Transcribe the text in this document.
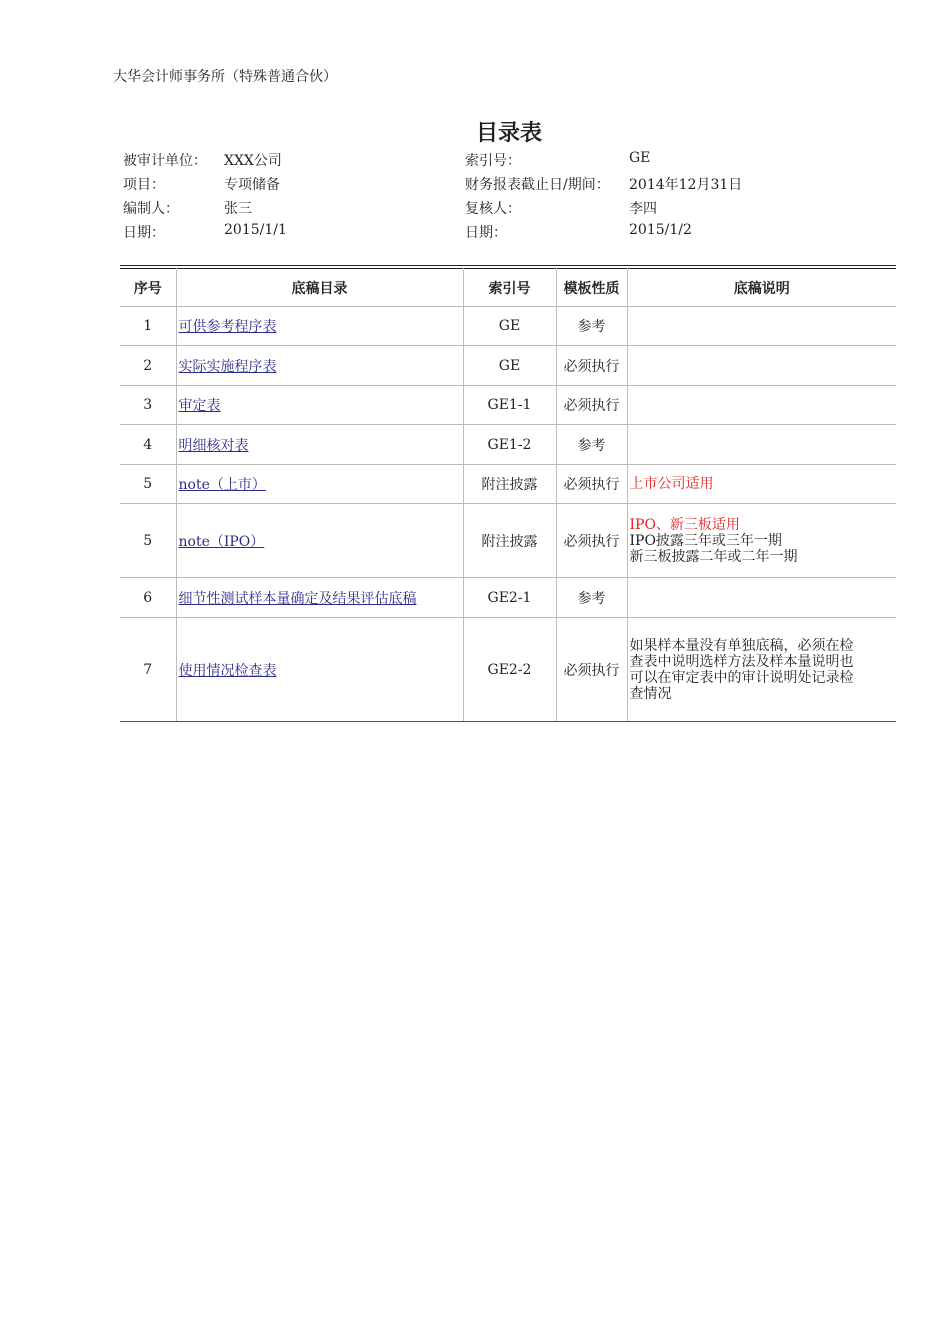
大华会计师事务所（特殊普通合伙）
目录表
被审计单位： XXX公司	索引号：	GE
项目：	专项储备	财务报表截止日/期间： 2014年12月31日
编制人：	张三	复核人：	李四
日期：	2015/1/1	日期：	2015/1/2
序号	底稿目录	索引号	模板性质	底稿说明
1	可供参考程序表	GE	参考	
2	实际实施程序表	GE	必须执行	
3	审定表	GE1-1	必须执行	
4	明细核对表	GE1-2	参考	
5	note（上市）	附注披露	必须执行	上市公司适用

5	note（IPO）	附注披露	必须执行	IPO、新三板适用
IPO披露三年或三年一期
新三板披露二年或二年一期

6	细节性测试样本量确定及结果评估底稿	GE2-1	参考	
7	使用情况检查表	GE2-2	必须执行	如果样本量没有单独底稿，必须在检
查表中说明选样方法及样本量说明也
可以在审定表中的审计说明处记录检
查情况
